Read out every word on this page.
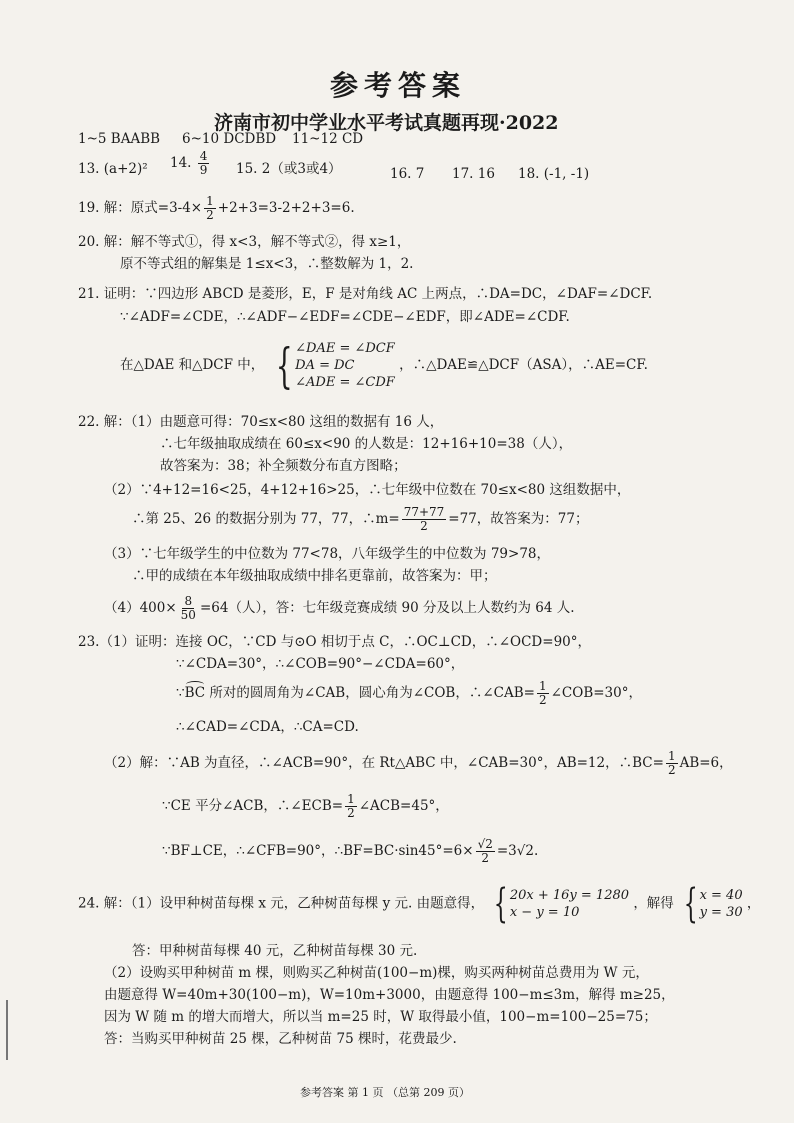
参考答案
济南市初中学业水平考试真题再现·2022
1~5 BAABB 6~10 DCDBD 11~12 CD
13. (a+2)² 14. $\frac{4}{9} 15$. 2（或3或4）	16. 7 17. 16 18. (-1, -1)
19. 解：原式$=3-4\times \frac{1}{2} +2+3=3-2+2+3=6$.
20. 解：解不等式①，得 x<3，解不等式②，得 x≥1，
原不等式组的解集是 1≤x<3，∴整数解为 1，2.
21. 证明：∵四边形 ABCD 是菱形，E，F 是对角线 AC 上两点，∴DA=DC，∠DAF=∠DCF.
∵∠ADF=∠CDE，∴∠ADF−∠EDF=∠CDE−∠EDF，即∠ADE=∠CDF.
在△DAE 和△DCF 中， { ∠DAE = ∠DCF
DA = DC
∠ADE = ∠CDF
，∴△DAE≌△DCF（ASA），∴AE=CF.
22. 解：（1）由题意可得：70≤x<80 这组的数据有 16 人，
∴七年级抽取成绩在 60≤x<90 的人数是：12+16+10=38（人），
故答案为：38；补全频数分布直方图略；
（2）∵4+12=16<25，4+12+16>25，∴七年级中位数在 70≤x<80 这组数据中，
∴第 25、26 的数据分别为 77，77，∴m= $\frac{77+77}{2} =77$，故答案为：77；
（3）∵七年级学生的中位数为 77<78，八年级学生的中位数为 79>78，
∴甲的成绩在本年级抽取成绩中排名更靠前，故答案为：甲；
$(4)400\times \frac{8}{50} =64$（人），答：七年级竞赛成绩 90 分及以上人数约为 64 人.
23.（1）证明：连接 OC，∵CD 与⊙O 相切于点 C，∴OC⊥CD，∴∠OCD=90°，
∵∠CDA=30°，∴∠COB=90°−∠CDA=60°，
∵BC 所对的圆周角为∠CAB，圆心角为∠COB，∴∠CAB= $\frac{1}{2}$ ∠COB=30°，
∴∠CAD=∠CDA，∴CA=CD.
（2）解：∵AB 为直径，∴∠ACB=90°，在 Rt△ABC 中，∠CAB=30°，AB=12，∴BC= $\frac{1}{2} AB=6$，
∵CE 平分∠ACB，∴∠ECB= $\frac{1}{2}$ ∠ACB=45°，
∵BF⊥CE，∴∠CFB=90°，∴BF=BC·sin45°=6× $\frac{√2}{2} =3√2$.
24. 解：（1）设甲种树苗每棵 x 元，乙种树苗每棵 y 元. 由题意得， { 20x + 16y = 1280
x − y = 10
，解得 { x = 40
y = 30
，
答：甲种树苗每棵 40 元，乙种树苗每棵 30 元.
（2）设购买甲种树苗 m 棵，则购买乙种树苗(100−m)棵，购买两种树苗总费用为 W 元，
由题意得 W=40m+30(100−m)，W=10m+3000，由题意得 100−m≤3m，解得 m≥25，
因为 W 随 m 的增大而增大，所以当 m=25 时，W 取得最小值，100−m=100−25=75；
答：当购买甲种树苗 25 棵，乙种树苗 75 棵时，花费最少.
参考答案 第 1 页 （总第 209 页）
